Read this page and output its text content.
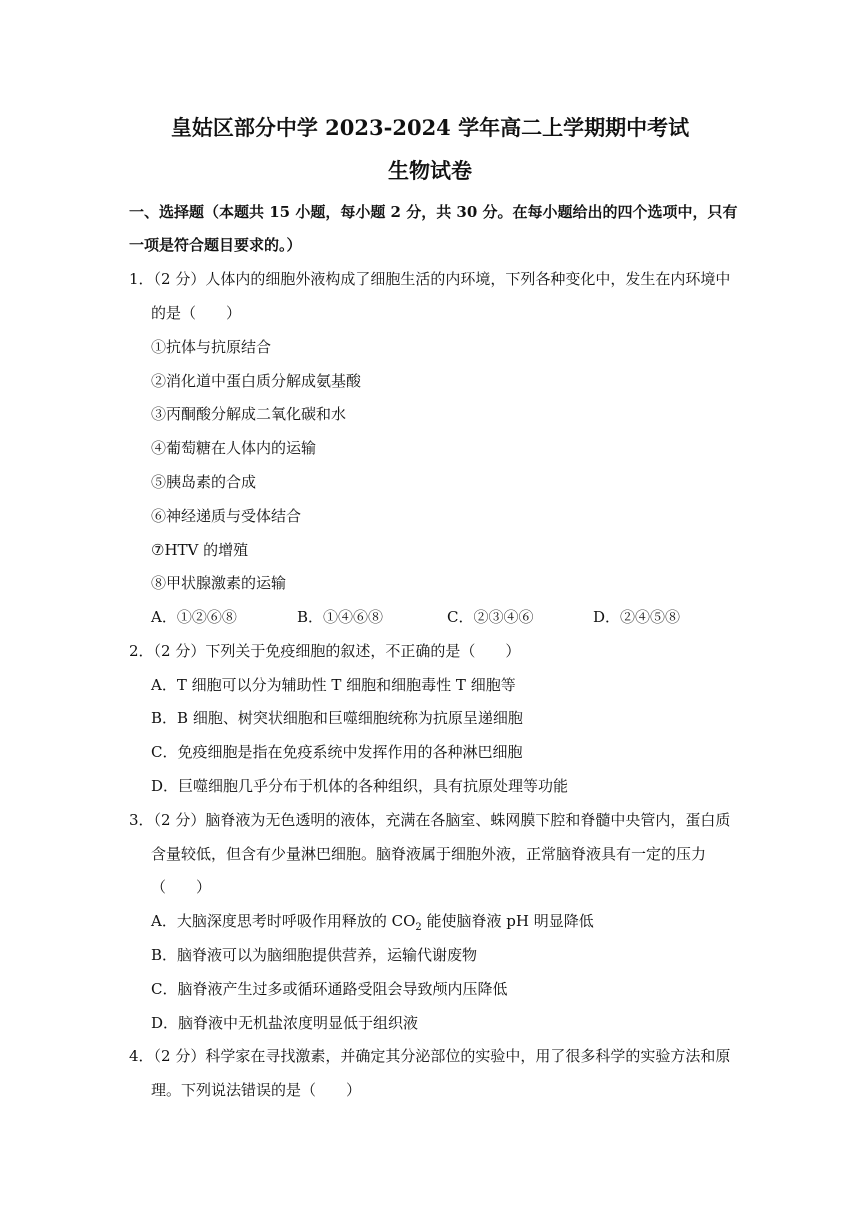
皇姑区部分中学 2023-2024 学年高二上学期期中考试
生物试卷
一、选择题（本题共 15 小题，每小题 2 分，共 30 分。在每小题给出的四个选项中，只有
一项是符合题目要求的。）
1．（2 分）人体内的细胞外液构成了细胞生活的内环境，下列各种变化中，发生在内环境中
的是（　　）
①抗体与抗原结合
②消化道中蛋白质分解成氨基酸
③丙酮酸分解成二氧化碳和水
④葡萄糖在人体内的运输
⑤胰岛素的合成
⑥神经递质与受体结合
⑦HTV 的增殖
⑧甲状腺激素的运输
A．①②⑥⑧	B．①④⑥⑧	C．②③④⑥	D．②④⑤⑧
2．（2 分）下列关于免疫细胞的叙述，不正确的是（　　）
A．T 细胞可以分为辅助性 T 细胞和细胞毒性 T 细胞等
B．B 细胞、树突状细胞和巨噬细胞统称为抗原呈递细胞
C．免疫细胞是指在免疫系统中发挥作用的各种淋巴细胞
D．巨噬细胞几乎分布于机体的各种组织，具有抗原处理等功能
3．（2 分）脑脊液为无色透明的液体，充满在各脑室、蛛网膜下腔和脊髓中央管内，蛋白质
含量较低，但含有少量淋巴细胞。脑脊液属于细胞外液，正常脑脊液具有一定的压力
（　　）
A．大脑深度思考时呼吸作用释放的 $CO_2$ 能使脑脊液 pH 明显降低
B．脑脊液可以为脑细胞提供营养，运输代谢废物
C．脑脊液产生过多或循环通路受阻会导致颅内压降低
D．脑脊液中无机盐浓度明显低于组织液
4．（2 分）科学家在寻找激素，并确定其分泌部位的实验中，用了很多科学的实验方法和原
理。下列说法错误的是（　　）
